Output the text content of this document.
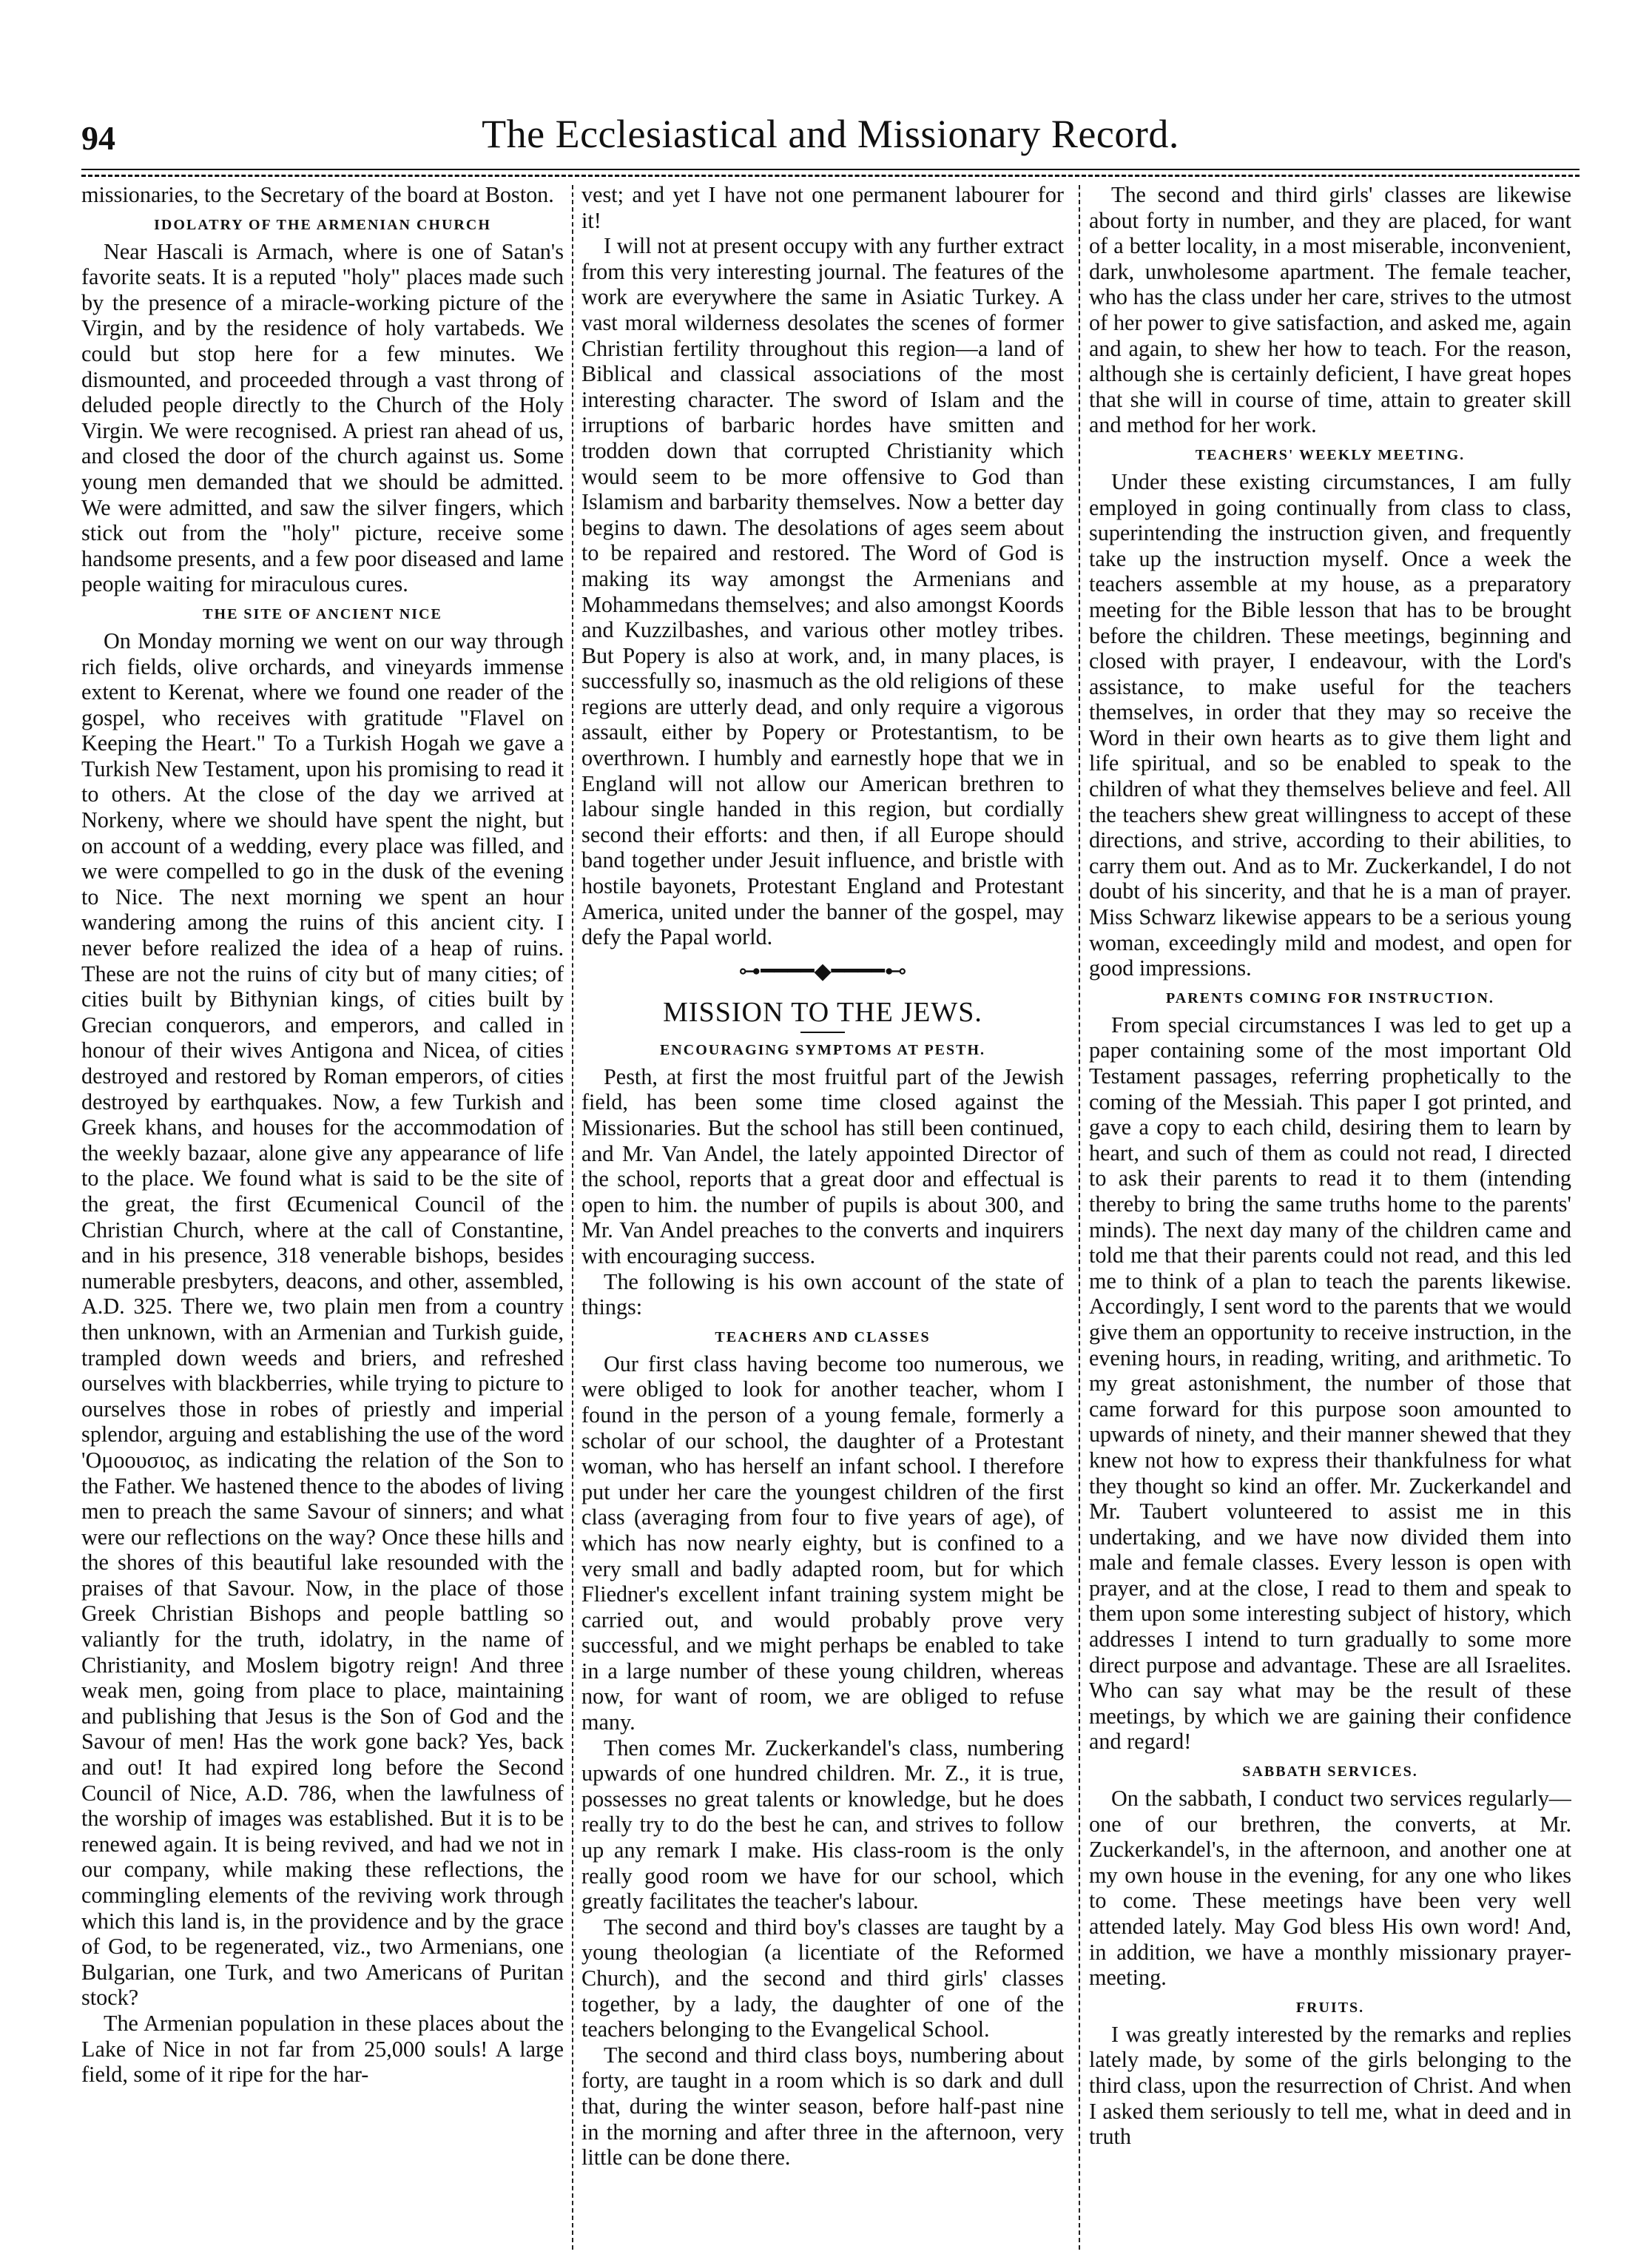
94	The Ecclesiastical and Missionary Record.

missionaries, to the Secretary of the board at Boston.

IDOLATRY OF THE ARMENIAN CHURCH

Near Hascali is Armach, where is one of Satan's favorite seats. It is a reputed "holy" places made such by the presence of a miracle-working picture of the Virgin, and by the residence of holy vartabeds. We could but stop here for a few minutes. We dismounted, and proceeded through a vast throng of deluded people directly to the Church of the Holy Virgin. We were recognised. A priest ran ahead of us, and closed the door of the church against us. Some young men demanded that we should be admitted. We were admitted, and saw the silver fingers, which stick out from the "holy" picture, receive some handsome presents, and a few poor diseased and lame people waiting for miraculous cures.

THE SITE OF ANCIENT NICE

On Monday morning we went on our way through rich fields, olive orchards, and vineyards immense extent to Kerenat, where we found one reader of the gospel, who receives with gratitude "Flavel on Keeping the Heart." To a Turkish Hogah we gave a Turkish New Testament, upon his promising to read it to others. At the close of the day we arrived at Norkeny, where we should have spent the night, but on account of a wedding, every place was filled, and we were compelled to go in the dusk of the evening to Nice. The next morning we spent an hour wandering among the ruins of this ancient city. I never before realized the idea of a heap of ruins. These are not the ruins of city but of many cities; of cities built by Bithynian kings, of cities built by Grecian conquerors, and emperors, and called in honour of their wives Antigona and Nicea, of cities destroyed and restored by Roman emperors, of cities destroyed by earthquakes. Now, a few Turkish and Greek khans, and houses for the accommodation of the weekly bazaar, alone give any appearance of life to the place. We found what is said to be the site of the great, the first Œcumenical Council of the Christian Church, where at the call of Constantine, and in his presence, 318 venerable bishops, besides numerable presbyters, deacons, and other, assembled, A.D. 325. There we, two plain men from a country then unknown, with an Armenian and Turkish guide, trampled down weeds and briers, and refreshed ourselves with blackberries, while trying to picture to ourselves those in robes of priestly and imperial splendor, arguing and establishing the use of the word 'Ομοουσιος, as indicating the relation of the Son to the Father. We hastened thence to the abodes of living men to preach the same Savour of sinners; and what were our reflections on the way? Once these hills and the shores of this beautiful lake resounded with the praises of that Savour. Now, in the place of those Greek Christian Bishops and people battling so valiantly for the truth, idolatry, in the name of Christianity, and Moslem bigotry reign! And three weak men, going from place to place, maintaining and publishing that Jesus is the Son of God and the Savour of men! Has the work gone back? Yes, back and out! It had expired long before the Second Council of Nice, A.D. 786, when the lawfulness of the worship of images was established. But it is to be renewed again. It is being revived, and had we not in our company, while making these reflections, the commingling elements of the reviving work through which this land is, in the providence and by the grace of God, to be regenerated, viz., two Armenians, one Bulgarian, one Turk, and two Americans of Puritan stock?

The Armenian population in these places about the Lake of Nice in not far from 25,000 souls! A large field, some of it ripe for the har-

vest; and yet I have not one permanent labourer for it!

I will not at present occupy with any further extract from this very interesting journal. The features of the work are everywhere the same in Asiatic Turkey. A vast moral wilderness desolates the scenes of former Christian fertility throughout this region—a land of Biblical and classical associations of the most interesting character. The sword of Islam and the irruptions of barbaric hordes have smitten and trodden down that corrupted Christianity which would seem to be more offensive to God than Islamism and barbarity themselves. Now a better day begins to dawn. The desolations of ages seem about to be repaired and restored. The Word of God is making its way amongst the Armenians and Mohammedans themselves; and also amongst Koords and Kuzzilbashes, and various other motley tribes. But Popery is also at work, and, in many places, is successfully so, inasmuch as the old religions of these regions are utterly dead, and only require a vigorous assault, either by Popery or Protestantism, to be overthrown. I humbly and earnestly hope that we in England will not allow our American brethren to labour single handed in this region, but cordially second their efforts: and then, if all Europe should band together under Jesuit influence, and bristle with hostile bayonets, Protestant England and Protestant America, united under the banner of the gospel, may defy the Papal world.

⊶━━━━◆━━━━⊷
MISSION TO THE JEWS.
ENCOURAGING SYMPTOMS AT PESTH.

Pesth, at first the most fruitful part of the Jewish field, has been some time closed against the Missionaries. But the school has still been continued, and Mr. Van Andel, the lately appointed Director of the school, reports that a great door and effectual is open to him. the number of pupils is about 300, and Mr. Van Andel preaches to the converts and inquirers with encouraging success.

The following is his own account of the state of things:

TEACHERS AND CLASSES

Our first class having become too numerous, we were obliged to look for another teacher, whom I found in the person of a young female, formerly a scholar of our school, the daughter of a Protestant woman, who has herself an infant school. I therefore put under her care the youngest children of the first class (averaging from four to five years of age), of which has now nearly eighty, but is confined to a very small and badly adapted room, but for which Fliedner's excellent infant training system might be carried out, and would probably prove very successful, and we might perhaps be enabled to take in a large number of these young children, whereas now, for want of room, we are obliged to refuse many.

Then comes Mr. Zuckerkandel's class, numbering upwards of one hundred children. Mr. Z., it is true, possesses no great talents or knowledge, but he does really try to do the best he can, and strives to follow up any remark I make. His class-room is the only really good room we have for our school, which greatly facilitates the teacher's labour.

The second and third boy's classes are taught by a young theologian (a licentiate of the Reformed Church), and the second and third girls' classes together, by a lady, the daughter of one of the teachers belonging to the Evangelical School.

The second and third class boys, numbering about forty, are taught in a room which is so dark and dull that, during the winter season, before half-past nine in the morning and after three in the afternoon, very little can be done there.

The second and third girls' classes are likewise about forty in number, and they are placed, for want of a better locality, in a most miserable, inconvenient, dark, unwholesome apartment. The female teacher, who has the class under her care, strives to the utmost of her power to give satisfaction, and asked me, again and again, to shew her how to teach. For the reason, although she is certainly deficient, I have great hopes that she will in course of time, attain to greater skill and method for her work.

TEACHERS' WEEKLY MEETING.

Under these existing circumstances, I am fully employed in going continually from class to class, superintending the instruction given, and frequently take up the instruction myself. Once a week the teachers assemble at my house, as a preparatory meeting for the Bible lesson that has to be brought before the children. These meetings, beginning and closed with prayer, I endeavour, with the Lord's assistance, to make useful for the teachers themselves, in order that they may so receive the Word in their own hearts as to give them light and life spiritual, and so be enabled to speak to the children of what they themselves believe and feel. All the teachers shew great willingness to accept of these directions, and strive, according to their abilities, to carry them out. And as to Mr. Zuckerkandel, I do not doubt of his sincerity, and that he is a man of prayer. Miss Schwarz likewise appears to be a serious young woman, exceedingly mild and modest, and open for good impressions.

PARENTS COMING FOR INSTRUCTION.

From special circumstances I was led to get up a paper containing some of the most important Old Testament passages, referring prophetically to the coming of the Messiah. This paper I got printed, and gave a copy to each child, desiring them to learn by heart, and such of them as could not read, I directed to ask their parents to read it to them (intending thereby to bring the same truths home to the parents' minds). The next day many of the children came and told me that their parents could not read, and this led me to think of a plan to teach the parents likewise. Accordingly, I sent word to the parents that we would give them an opportunity to receive instruction, in the evening hours, in reading, writing, and arithmetic. To my great astonishment, the number of those that came forward for this purpose soon amounted to upwards of ninety, and their manner shewed that they knew not how to express their thankfulness for what they thought so kind an offer. Mr. Zuckerkandel and Mr. Taubert volunteered to assist me in this undertaking, and we have now divided them into male and female classes. Every lesson is open with prayer, and at the close, I read to them and speak to them upon some interesting subject of history, which addresses I intend to turn gradually to some more direct purpose and advantage. These are all Israelites. Who can say what may be the result of these meetings, by which we are gaining their confidence and regard!

SABBATH SERVICES.

On the sabbath, I conduct two services regularly—one of our brethren, the converts, at Mr. Zuckerkandel's, in the afternoon, and another one at my own house in the evening, for any one who likes to come. These meetings have been very well attended lately. May God bless His own word! And, in addition, we have a monthly missionary prayer-meeting.

FRUITS.

I was greatly interested by the remarks and replies lately made, by some of the girls belonging to the third class, upon the resurrection of Christ. And when I asked them seriously to tell me, what in deed and in truth
